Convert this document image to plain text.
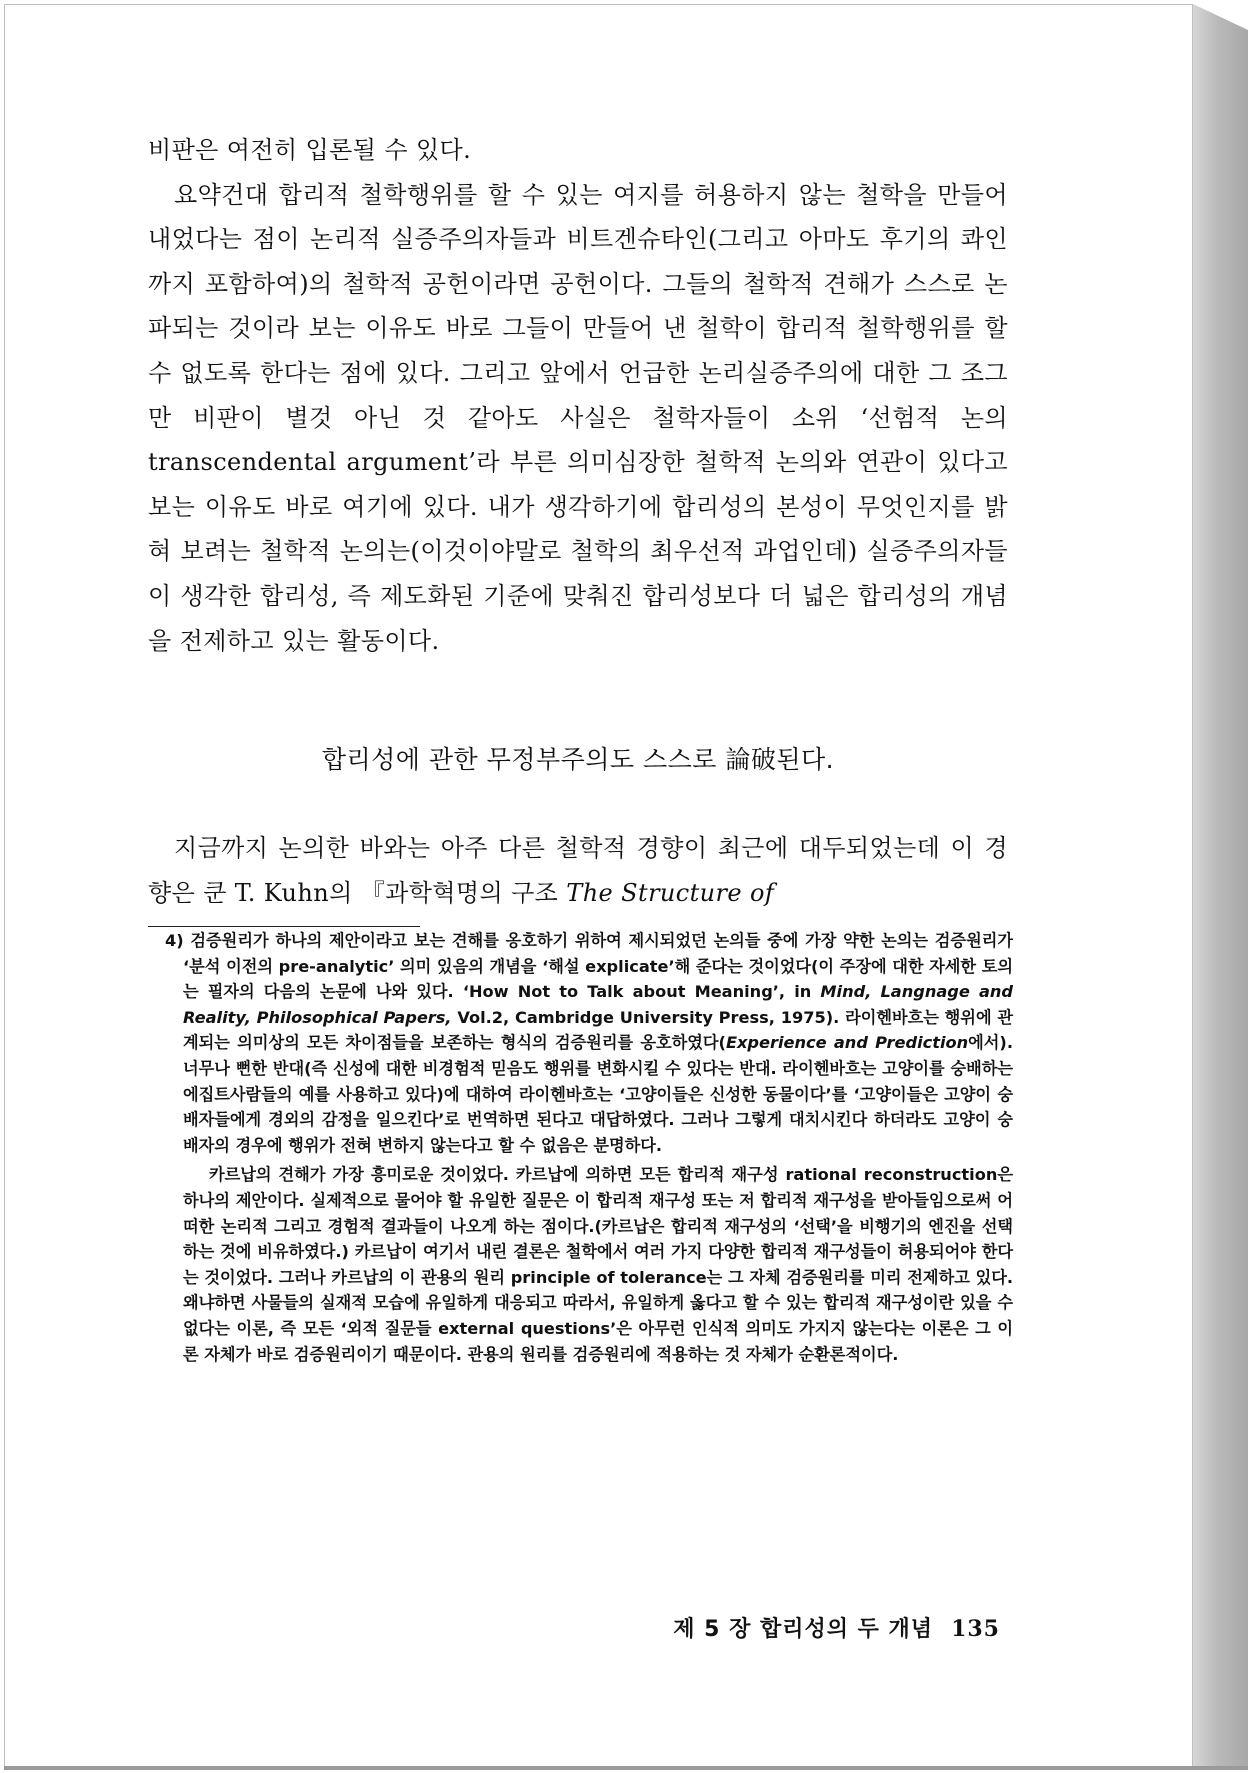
비판은 여전히 입론될 수 있다.

요약건대 합리적 철학행위를 할 수 있는 여지를 허용하지 않는 철학을 만들어 내었다는 점이 논리적 실증주의자들과 비트겐슈타인(그리고 아마도 후기의 콰인까지 포함하여)의 철학적 공헌이라면 공헌이다. 그들의 철학적 견해가 스스로 논파되는 것이라 보는 이유도 바로 그들이 만들어 낸 철학이 합리적 철학행위를 할 수 없도록 한다는 점에 있다. 그리고 앞에서 언급한 논리실증주의에 대한 그 조그만 비판이 별것 아닌 것 같아도 사실은 철학자들이 소위 ‘선험적 논의 transcendental argument’라 부른 의미심장한 철학적 논의와 연관이 있다고 보는 이유도 바로 여기에 있다. 내가 생각하기에 합리성의 본성이 무엇인지를 밝혀 보려는 철학적 논의는(이것이야말로 철학의 최우선적 과업인데) 실증주의자들이 생각한 합리성, 즉 제도화된 기준에 맞춰진 합리성보다 더 넓은 합리성의 개념을 전제하고 있는 활동이다.

합리성에 관한 무정부주의도 스스로 論破된다.

지금까지 논의한 바와는 아주 다른 철학적 경향이 최근에 대두되었는데 이 경향은 쿤 T. Kuhn의 『과학혁명의 구조 The Structure of

4) 검증원리가 하나의 제안이라고 보는 견해를 옹호하기 위하여 제시되었던 논의들 중에 가장 약한 논의는 검증원리가 ‘분석 이전의 pre-analytic’ 의미 있음의 개념을 ‘해설 explicate’해 준다는 것이었다(이 주장에 대한 자세한 토의는 필자의 다음의 논문에 나와 있다. ‘How Not to Talk about Meaning’, in Mind, Langnage and Reality, Philosophical Papers, Vol.2, Cambridge University Press, 1975). 라이헨바흐는 행위에 관계되는 의미상의 모든 차이점들을 보존하는 형식의 검증원리를 옹호하였다(Experience and Prediction에서). 너무나 뻔한 반대(즉 신성에 대한 비경험적 믿음도 행위를 변화시킬 수 있다는 반대. 라이헨바흐는 고양이를 숭배하는 에집트사람들의 예를 사용하고 있다)에 대하여 라이헨바흐는 ‘고양이들은 신성한 동물이다’를 ‘고양이들은 고양이 숭배자들에게 경외의 감정을 일으킨다’로 번역하면 된다고 대답하였다. 그러나 그렇게 대치시킨다 하더라도 고양이 숭배자의 경우에 행위가 전혀 변하지 않는다고 할 수 없음은 분명하다.

카르납의 견해가 가장 흥미로운 것이었다. 카르납에 의하면 모든 합리적 재구성 rational reconstruction은 하나의 제안이다. 실제적으로 물어야 할 유일한 질문은 이 합리적 재구성 또는 저 합리적 재구성을 받아들임으로써 어떠한 논리적 그리고 경험적 결과들이 나오게 하는 점이다.(카르납은 합리적 재구성의 ‘선택’을 비행기의 엔진을 선택하는 것에 비유하였다.) 카르납이 여기서 내린 결론은 철학에서 여러 가지 다양한 합리적 재구성들이 허용되어야 한다는 것이었다. 그러나 카르납의 이 관용의 원리 principle of tolerance는 그 자체 검증원리를 미리 전제하고 있다. 왜냐하면 사물들의 실재적 모습에 유일하게 대응되고 따라서, 유일하게 옳다고 할 수 있는 합리적 재구성이란 있을 수 없다는 이론, 즉 모든 ‘외적 질문들 external questions’은 아무런 인식적 의미도 가지지 않는다는 이론은 그 이론 자체가 바로 검증원리이기 때문이다. 관용의 원리를 검증원리에 적용하는 것 자체가 순환론적이다.

제 5 장 합리성의 두 개념 135
